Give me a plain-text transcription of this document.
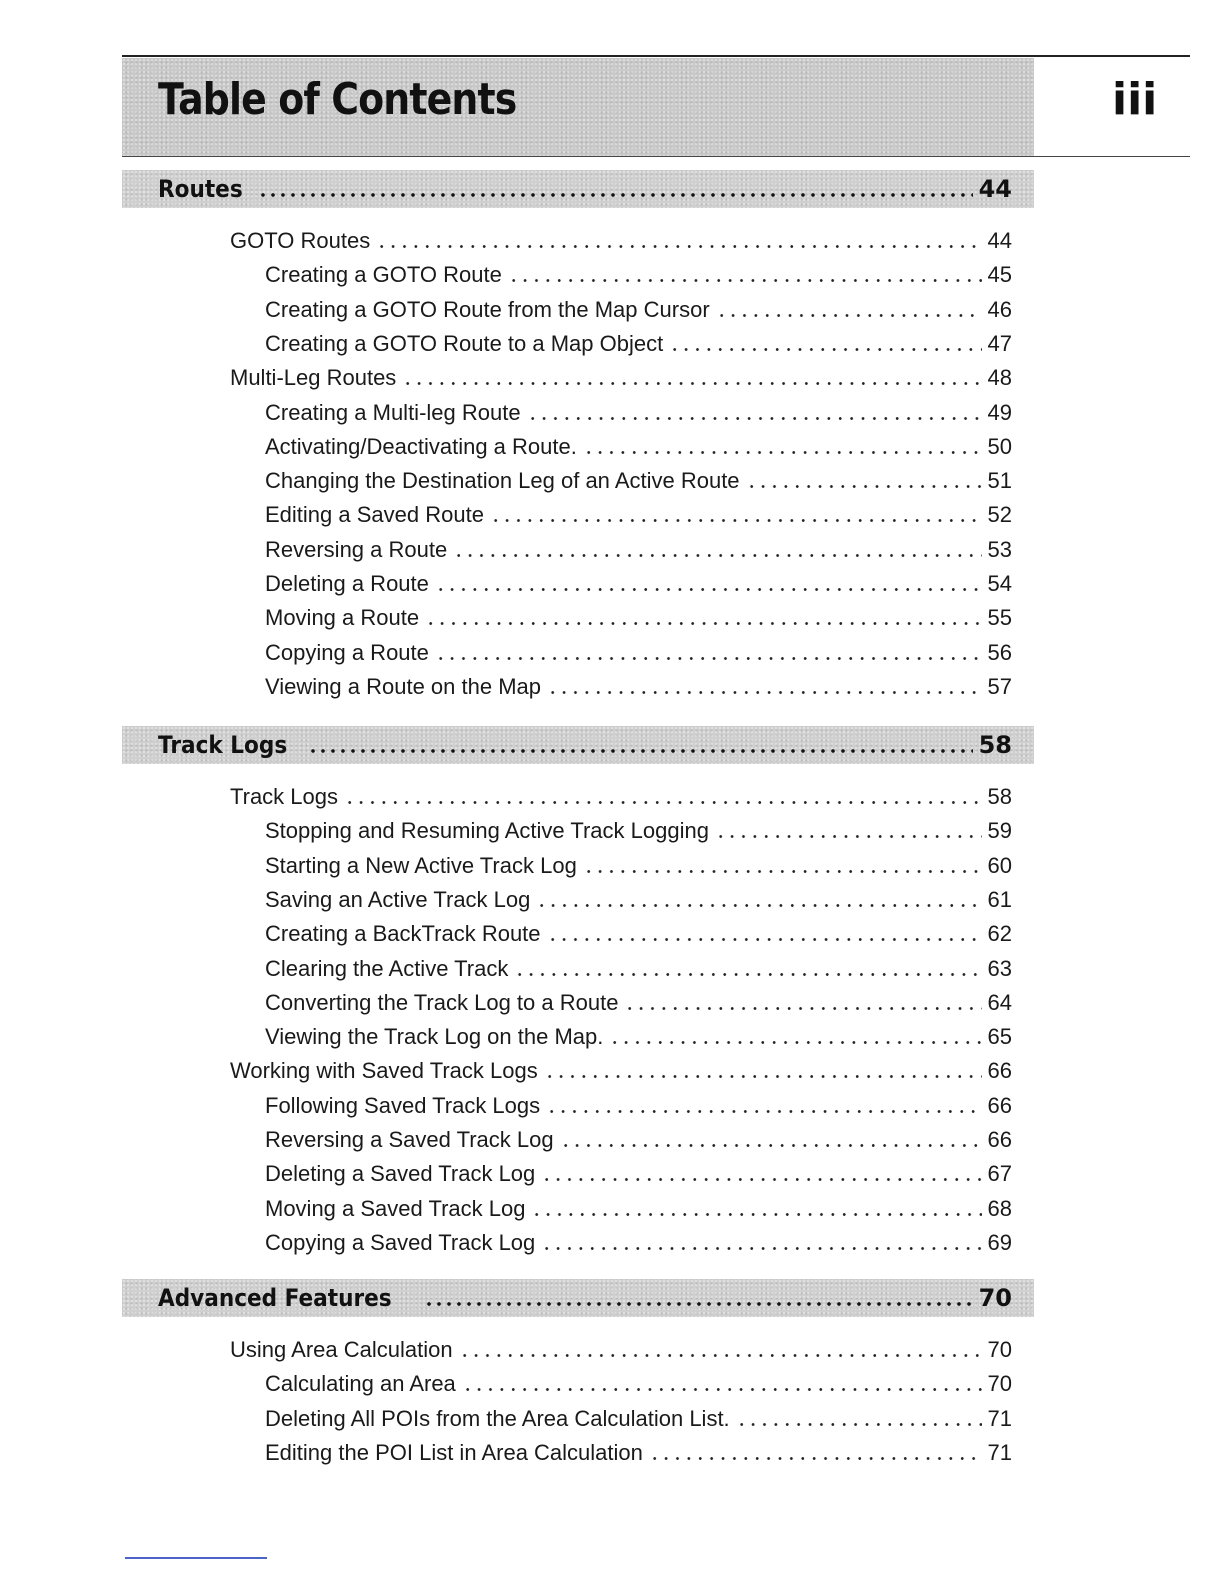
Table of Contents	iii
Routes	44
GOTO Routes	44
Creating a GOTO Route	45
Creating a GOTO Route from the Map Cursor	46
Creating a GOTO Route to a Map Object	47
Multi-Leg Routes	48
Creating a Multi-leg Route	49
Activating/Deactivating a Route.	50
Changing the Destination Leg of an Active Route	51
Editing a Saved Route	52
Reversing a Route	53
Deleting a Route	54
Moving a Route	55
Copying a Route	56
Viewing a Route on the Map	57
Track Logs	58
Track Logs	58
Stopping and Resuming Active Track Logging	59
Starting a New Active Track Log	60
Saving an Active Track Log	61
Creating a BackTrack Route	62
Clearing the Active Track	63
Converting the Track Log to a Route	64
Viewing the Track Log on the Map.	65
Working with Saved Track Logs	66
Following Saved Track Logs	66
Reversing a Saved Track Log	66
Deleting a Saved Track Log	67
Moving a Saved Track Log	68
Copying a Saved Track Log	69
Advanced Features	70
Using Area Calculation	70
Calculating an Area	70
Deleting All POIs from the Area Calculation List.	71
Editing the POI List in Area Calculation	71
